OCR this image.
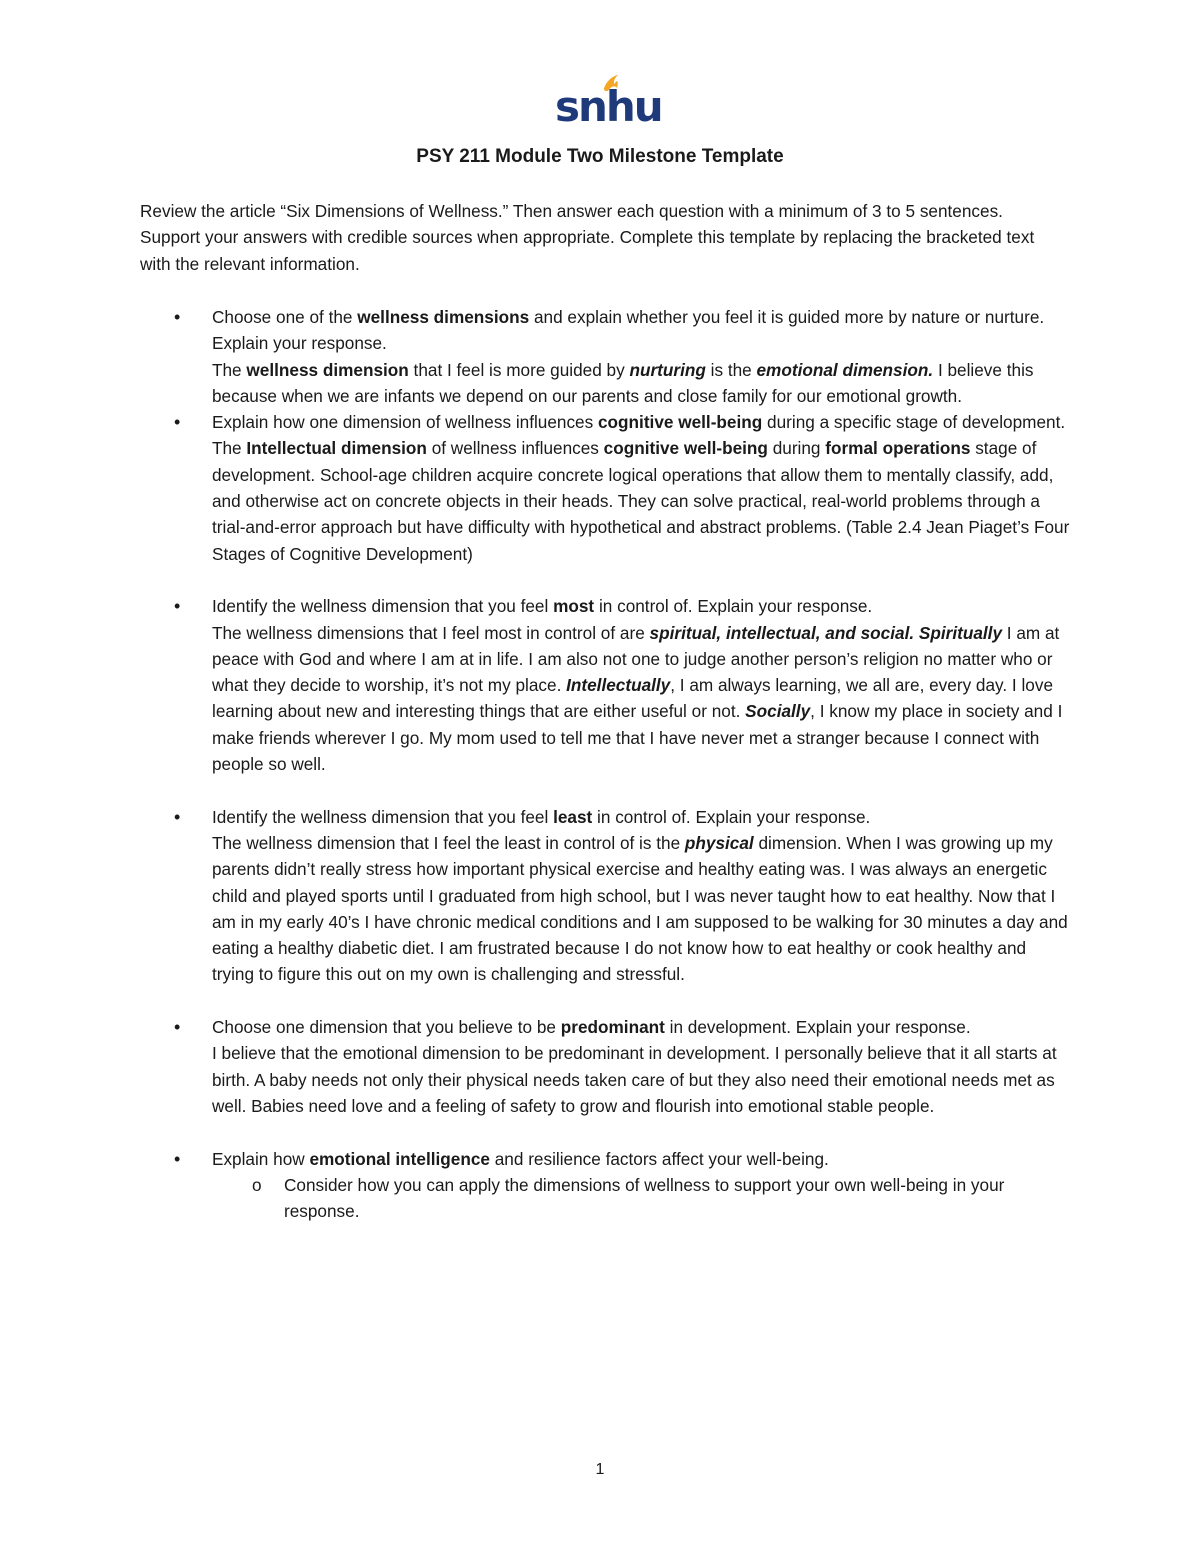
snhu
PSY 211 Module Two Milestone Template
Review the article “Six Dimensions of Wellness.” Then answer each question with a minimum of 3 to 5 sentences. Support your answers with credible sources when appropriate. Complete this template by replacing the bracketed text with the relevant information.
• Choose one of the wellness dimensions and explain whether you feel it is guided more by nature or nurture. Explain your response.
The wellness dimension that I feel is more guided by nurturing is the emotional dimension. I believe this because when we are infants we depend on our parents and close family for our emotional growth.
• Explain how one dimension of wellness influences cognitive well-being during a specific stage of development.
The Intellectual dimension of wellness influences cognitive well-being during formal operations stage of development. School-age children acquire concrete logical operations that allow them to mentally classify, add, and otherwise act on concrete objects in their heads. They can solve practical, real-world problems through a trial-and-error approach but have difficulty with hypothetical and abstract problems. (Table 2.4 Jean Piaget’s Four Stages of Cognitive Development)
• Identify the wellness dimension that you feel most in control of. Explain your response.
The wellness dimensions that I feel most in control of are spiritual, intellectual, and social. Spiritually I am at peace with God and where I am at in life. I am also not one to judge another person’s religion no matter who or what they decide to worship, it’s not my place. Intellectually, I am always learning, we all are, every day. I love learning about new and interesting things that are either useful or not. Socially, I know my place in society and I make friends wherever I go. My mom used to tell me that I have never met a stranger because I connect with people so well.
• Identify the wellness dimension that you feel least in control of. Explain your response.
The wellness dimension that I feel the least in control of is the physical dimension. When I was growing up my parents didn’t really stress how important physical exercise and healthy eating was. I was always an energetic child and played sports until I graduated from high school, but I was never taught how to eat healthy. Now that I am in my early 40’s I have chronic medical conditions and I am supposed to be walking for 30 minutes a day and eating a healthy diabetic diet. I am frustrated because I do not know how to eat healthy or cook healthy and trying to figure this out on my own is challenging and stressful.
• Choose one dimension that you believe to be predominant in development. Explain your response.
I believe that the emotional dimension to be predominant in development. I personally believe that it all starts at birth. A baby needs not only their physical needs taken care of but they also need their emotional needs met as well. Babies need love and a feeling of safety to grow and flourish into emotional stable people.
• Explain how emotional intelligence and resilience factors affect your well-being.
o Consider how you can apply the dimensions of wellness to support your own well-being in your response.
1
